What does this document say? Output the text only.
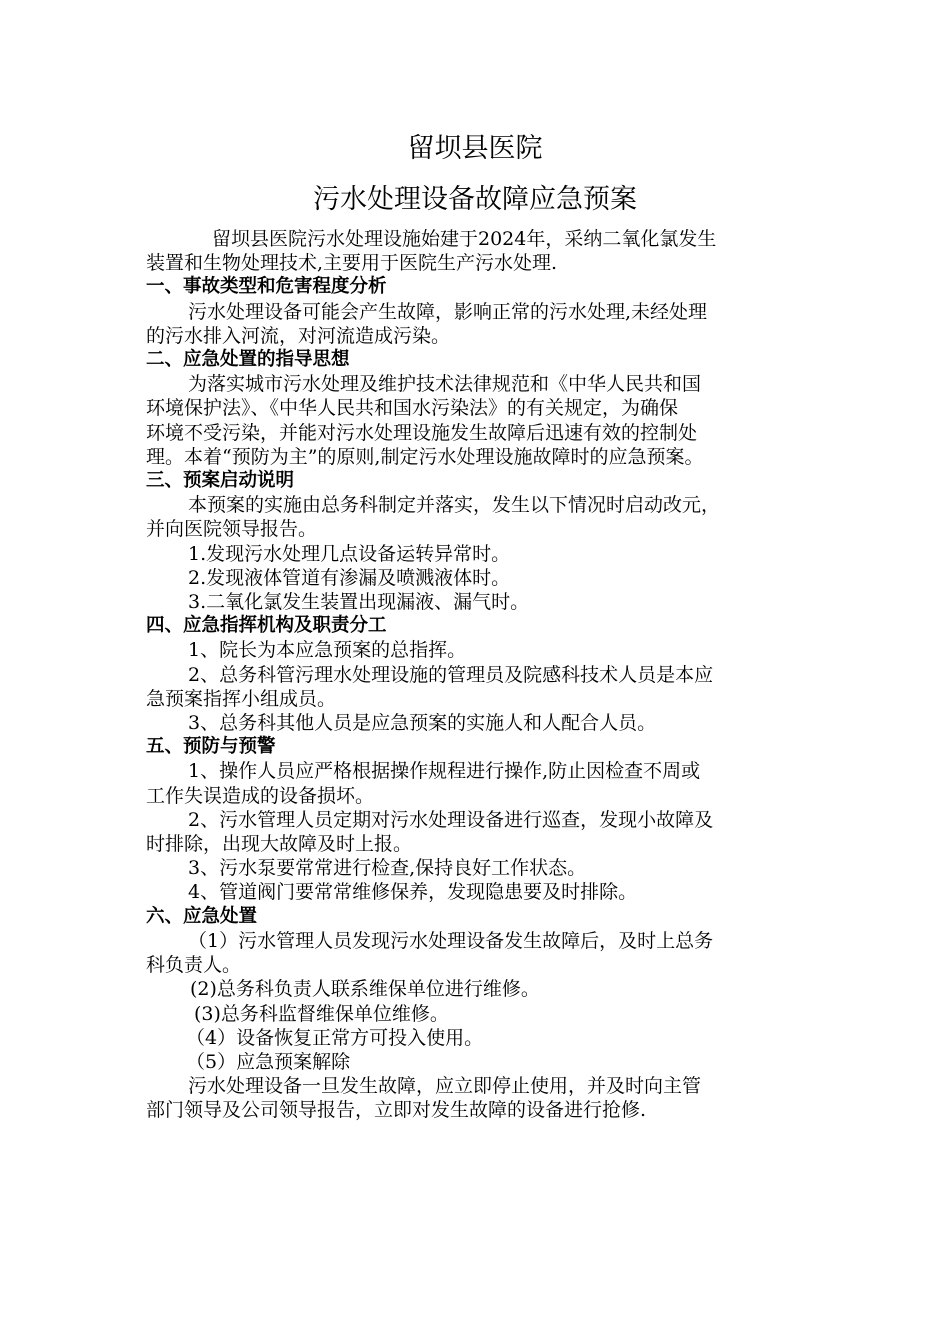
留坝县医院
污水处理设备故障应急预案

留坝县医院污水处理设施始建于2024年，采纳二氧化氯发生

装置和生物处理技术,主要用于医院生产污水处理.

一、事故类型和危害程度分析

污水处理设备可能会产生故障，影响正常的污水处理,未经处理

的污水排入河流，对河流造成污染。

二、应急处置的指导思想

为落实城市污水处理及维护技术法律规范和《中华人民共和国

环境保护法》、《中华人民共和国水污染法》的有关规定，为确保

环境不受污染，并能对污水处理设施发生故障后迅速有效的控制处

理。本着“预防为主”的原则,制定污水处理设施故障时的应急预案。

三、预案启动说明

本预案的实施由总务科制定并落实，发生以下情况时启动改元，

并向医院领导报告。

1.发现污水处理几点设备运转异常时。

2.发现液体管道有渗漏及喷溅液体时。

3.二氧化氯发生装置出现漏液、漏气时。

四、应急指挥机构及职责分工

1、院长为本应急预案的总指挥。

2、总务科管污理水处理设施的管理员及院感科技术人员是本应

急预案指挥小组成员。

3、总务科其他人员是应急预案的实施人和人配合人员。

五、预防与预警

1、操作人员应严格根据操作规程进行操作,防止因检查不周或

工作失误造成的设备损坏。

2、污水管理人员定期对污水处理设备进行巡查，发现小故障及

时排除，出现大故障及时上报。

3、污水泵要常常进行检查,保持良好工作状态。

4、管道阀门要常常维修保养，发现隐患要及时排除。

六、应急处置

（1）污水管理人员发现污水处理设备发生故障后，及时上总务

科负责人。

(2)总务科负责人联系维保单位进行维修。

(3)总务科监督维保单位维修。

（4）设备恢复正常方可投入使用。

（5）应急预案解除

污水处理设备一旦发生故障，应立即停止使用，并及时向主管

部门领导及公司领导报告，立即对发生故障的设备进行抢修.
